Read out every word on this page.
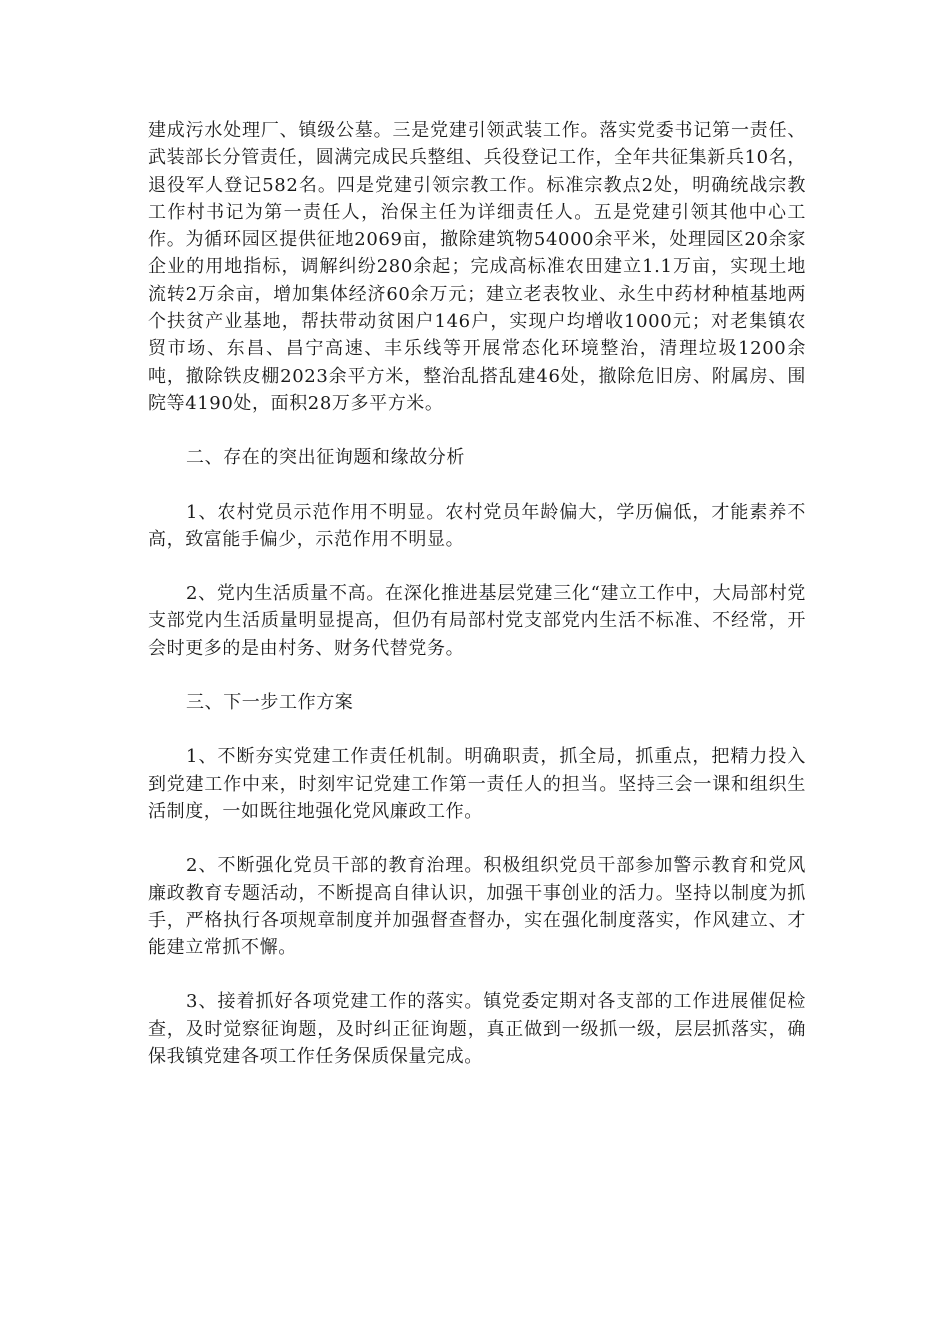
建成污水处理厂、镇级公墓。三是党建引领武装工作。落实党委书记第一责任、武装部长分管责任，圆满完成民兵整组、兵役登记工作，全年共征集新兵10名，退役军人登记582名。四是党建引领宗教工作。标准宗教点2处，明确统战宗教工作村书记为第一责任人，治保主任为详细责任人。五是党建引领其他中心工作。为循环园区提供征地2069亩，撤除建筑物54000余平米，处理园区20余家企业的用地指标，调解纠纷280余起；完成高标准农田建立1.1万亩，实现土地流转2万余亩，增加集体经济60余万元；建立老表牧业、永生中药材种植基地两个扶贫产业基地，帮扶带动贫困户146户，实现户均增收1000元；对老集镇农贸市场、东昌、昌宁高速、丰乐线等开展常态化环境整治，清理垃圾1200余吨，撤除铁皮棚2023余平方米，整治乱搭乱建46处，撤除危旧房、附属房、围院等4190处，面积28万多平方米。

二、存在的突出征询题和缘故分析

1、农村党员示范作用不明显。农村党员年龄偏大，学历偏低，才能素养不高，致富能手偏少，示范作用不明显。

2、党内生活质量不高。在深化推进基层党建三化“建立工作中，大局部村党支部党内生活质量明显提高，但仍有局部村党支部党内生活不标准、不经常，开会时更多的是由村务、财务代替党务。

三、下一步工作方案

1、不断夯实党建工作责任机制。明确职责，抓全局，抓重点，把精力投入到党建工作中来，时刻牢记党建工作第一责任人的担当。坚持三会一课和组织生活制度，一如既往地强化党风廉政工作。

2、不断强化党员干部的教育治理。积极组织党员干部参加警示教育和党风廉政教育专题活动，不断提高自律认识，加强干事创业的活力。坚持以制度为抓手，严格执行各项规章制度并加强督查督办，实在强化制度落实，作风建立、才能建立常抓不懈。

3、接着抓好各项党建工作的落实。镇党委定期对各支部的工作进展催促检查，及时觉察征询题，及时纠正征询题，真正做到一级抓一级，层层抓落实，确保我镇党建各项工作任务保质保量完成。
